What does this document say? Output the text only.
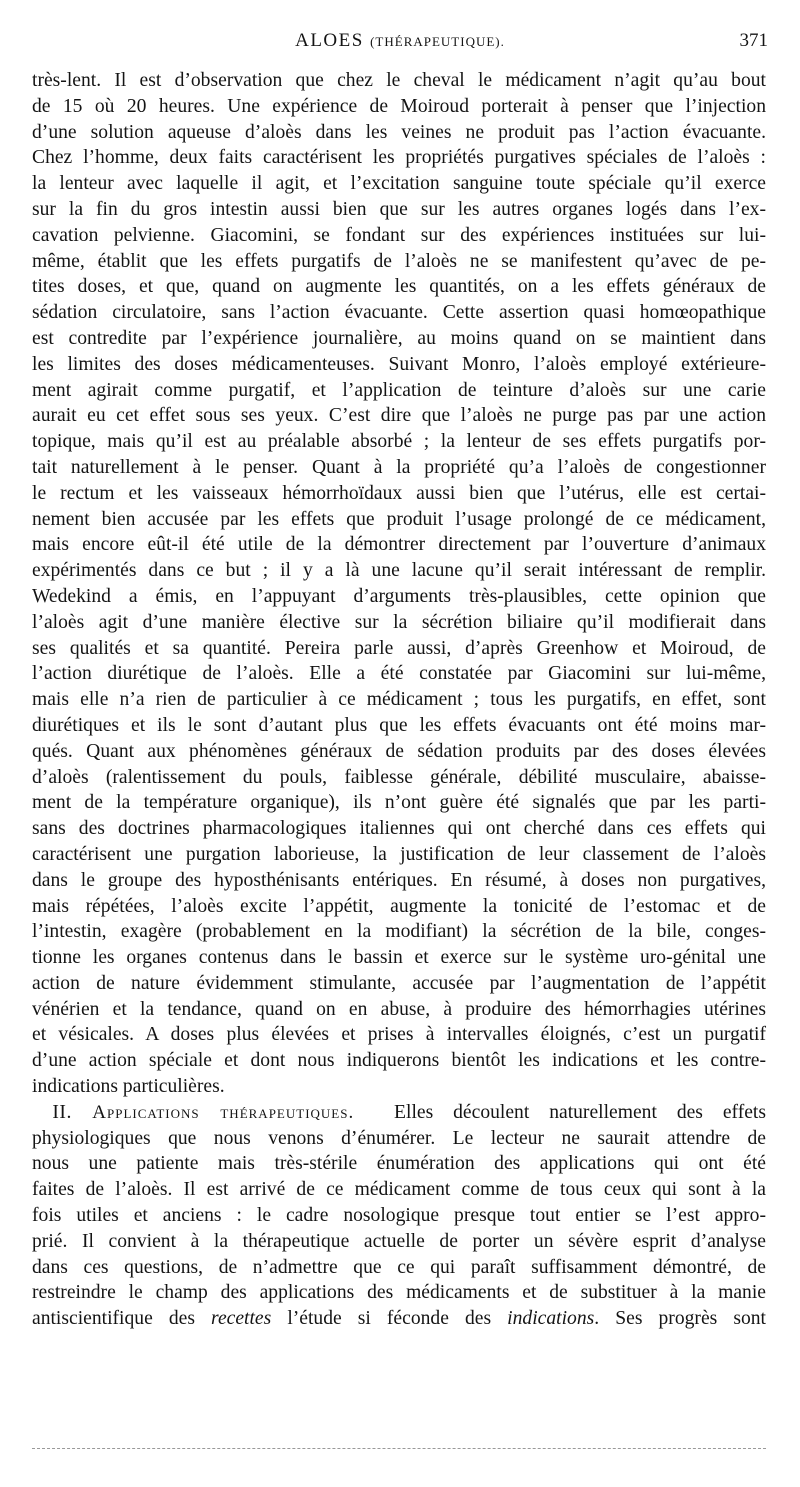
ALOES (THÉRAPEUTIQUE).	371
très-lent. Il est d’observation que chez le cheval le médicament n’agit qu’au bout
de 15 où 20 heures. Une expérience de Moiroud porterait à penser que l’injection
d’une solution aqueuse d’aloès dans les veines ne produit pas l’action évacuante.
Chez l’homme, deux faits caractérisent les propriétés purgatives spéciales de l’aloès :
la lenteur avec laquelle il agit, et l’excitation sanguine toute spéciale qu’il exerce
sur la fin du gros intestin aussi bien que sur les autres organes logés dans l’ex-
cavation pelvienne. Giacomini, se fondant sur des expériences instituées sur lui-
même, établit que les effets purgatifs de l’aloès ne se manifestent qu’avec de pe-
tites doses, et que, quand on augmente les quantités, on a les effets généraux de
sédation circulatoire, sans l’action évacuante. Cette assertion quasi homœopathique
est contredite par l’expérience journalière, au moins quand on se maintient dans
les limites des doses médicamenteuses. Suivant Monro, l’aloès employé extérieure-
ment agirait comme purgatif, et l’application de teinture d’aloès sur une carie
aurait eu cet effet sous ses yeux. C’est dire que l’aloès ne purge pas par une action
topique, mais qu’il est au préalable absorbé ; la lenteur de ses effets purgatifs por-
tait naturellement à le penser. Quant à la propriété qu’a l’aloès de congestionner
le rectum et les vaisseaux hémorrhoïdaux aussi bien que l’utérus, elle est certai-
nement bien accusée par les effets que produit l’usage prolongé de ce médicament,
mais encore eût-il été utile de la démontrer directement par l’ouverture d’animaux
expérimentés dans ce but ; il y a là une lacune qu’il serait intéressant de remplir.
Wedekind a émis, en l’appuyant d’arguments très-plausibles, cette opinion que
l’aloès agit d’une manière élective sur la sécrétion biliaire qu’il modifierait dans
ses qualités et sa quantité. Pereira parle aussi, d’après Greenhow et Moiroud, de
l’action diurétique de l’aloès. Elle a été constatée par Giacomini sur lui-même,
mais elle n’a rien de particulier à ce médicament ; tous les purgatifs, en effet, sont
diurétiques et ils le sont d’autant plus que les effets évacuants ont été moins mar-
qués. Quant aux phénomènes généraux de sédation produits par des doses élevées
d’aloès (ralentissement du pouls, faiblesse générale, débilité musculaire, abaisse-
ment de la température organique), ils n’ont guère été signalés que par les parti-
sans des doctrines pharmacologiques italiennes qui ont cherché dans ces effets qui
caractérisent une purgation laborieuse, la justification de leur classement de l’aloès
dans le groupe des hyposthénisants entériques. En résumé, à doses non purgatives,
mais répétées, l’aloès excite l’appétit, augmente la tonicité de l’estomac et de
l’intestin, exagère (probablement en la modifiant) la sécrétion de la bile, conges-
tionne les organes contenus dans le bassin et exerce sur le système uro-génital une
action de nature évidemment stimulante, accusée par l’augmentation de l’appétit
vénérien et la tendance, quand on en abuse, à produire des hémorrhagies utérines
et vésicales. A doses plus élevées et prises à intervalles éloignés, c’est un purgatif
d’une action spéciale et dont nous indiquerons bientôt les indications et les contre-
indications particulières.
II. Applications thérapeutiques. Elles découlent naturellement des effets
physiologiques que nous venons d’énumérer. Le lecteur ne saurait attendre de
nous une patiente mais très-stérile énumération des applications qui ont été
faites de l’aloès. Il est arrivé de ce médicament comme de tous ceux qui sont à la
fois utiles et anciens : le cadre nosologique presque tout entier se l’est appro-
prié. Il convient à la thérapeutique actuelle de porter un sévère esprit d’analyse
dans ces questions, de n’admettre que ce qui paraît suffisamment démontré, de
restreindre le champ des applications des médicaments et de substituer à la manie
antiscientifique des recettes l’étude si féconde des indications. Ses progrès sont
